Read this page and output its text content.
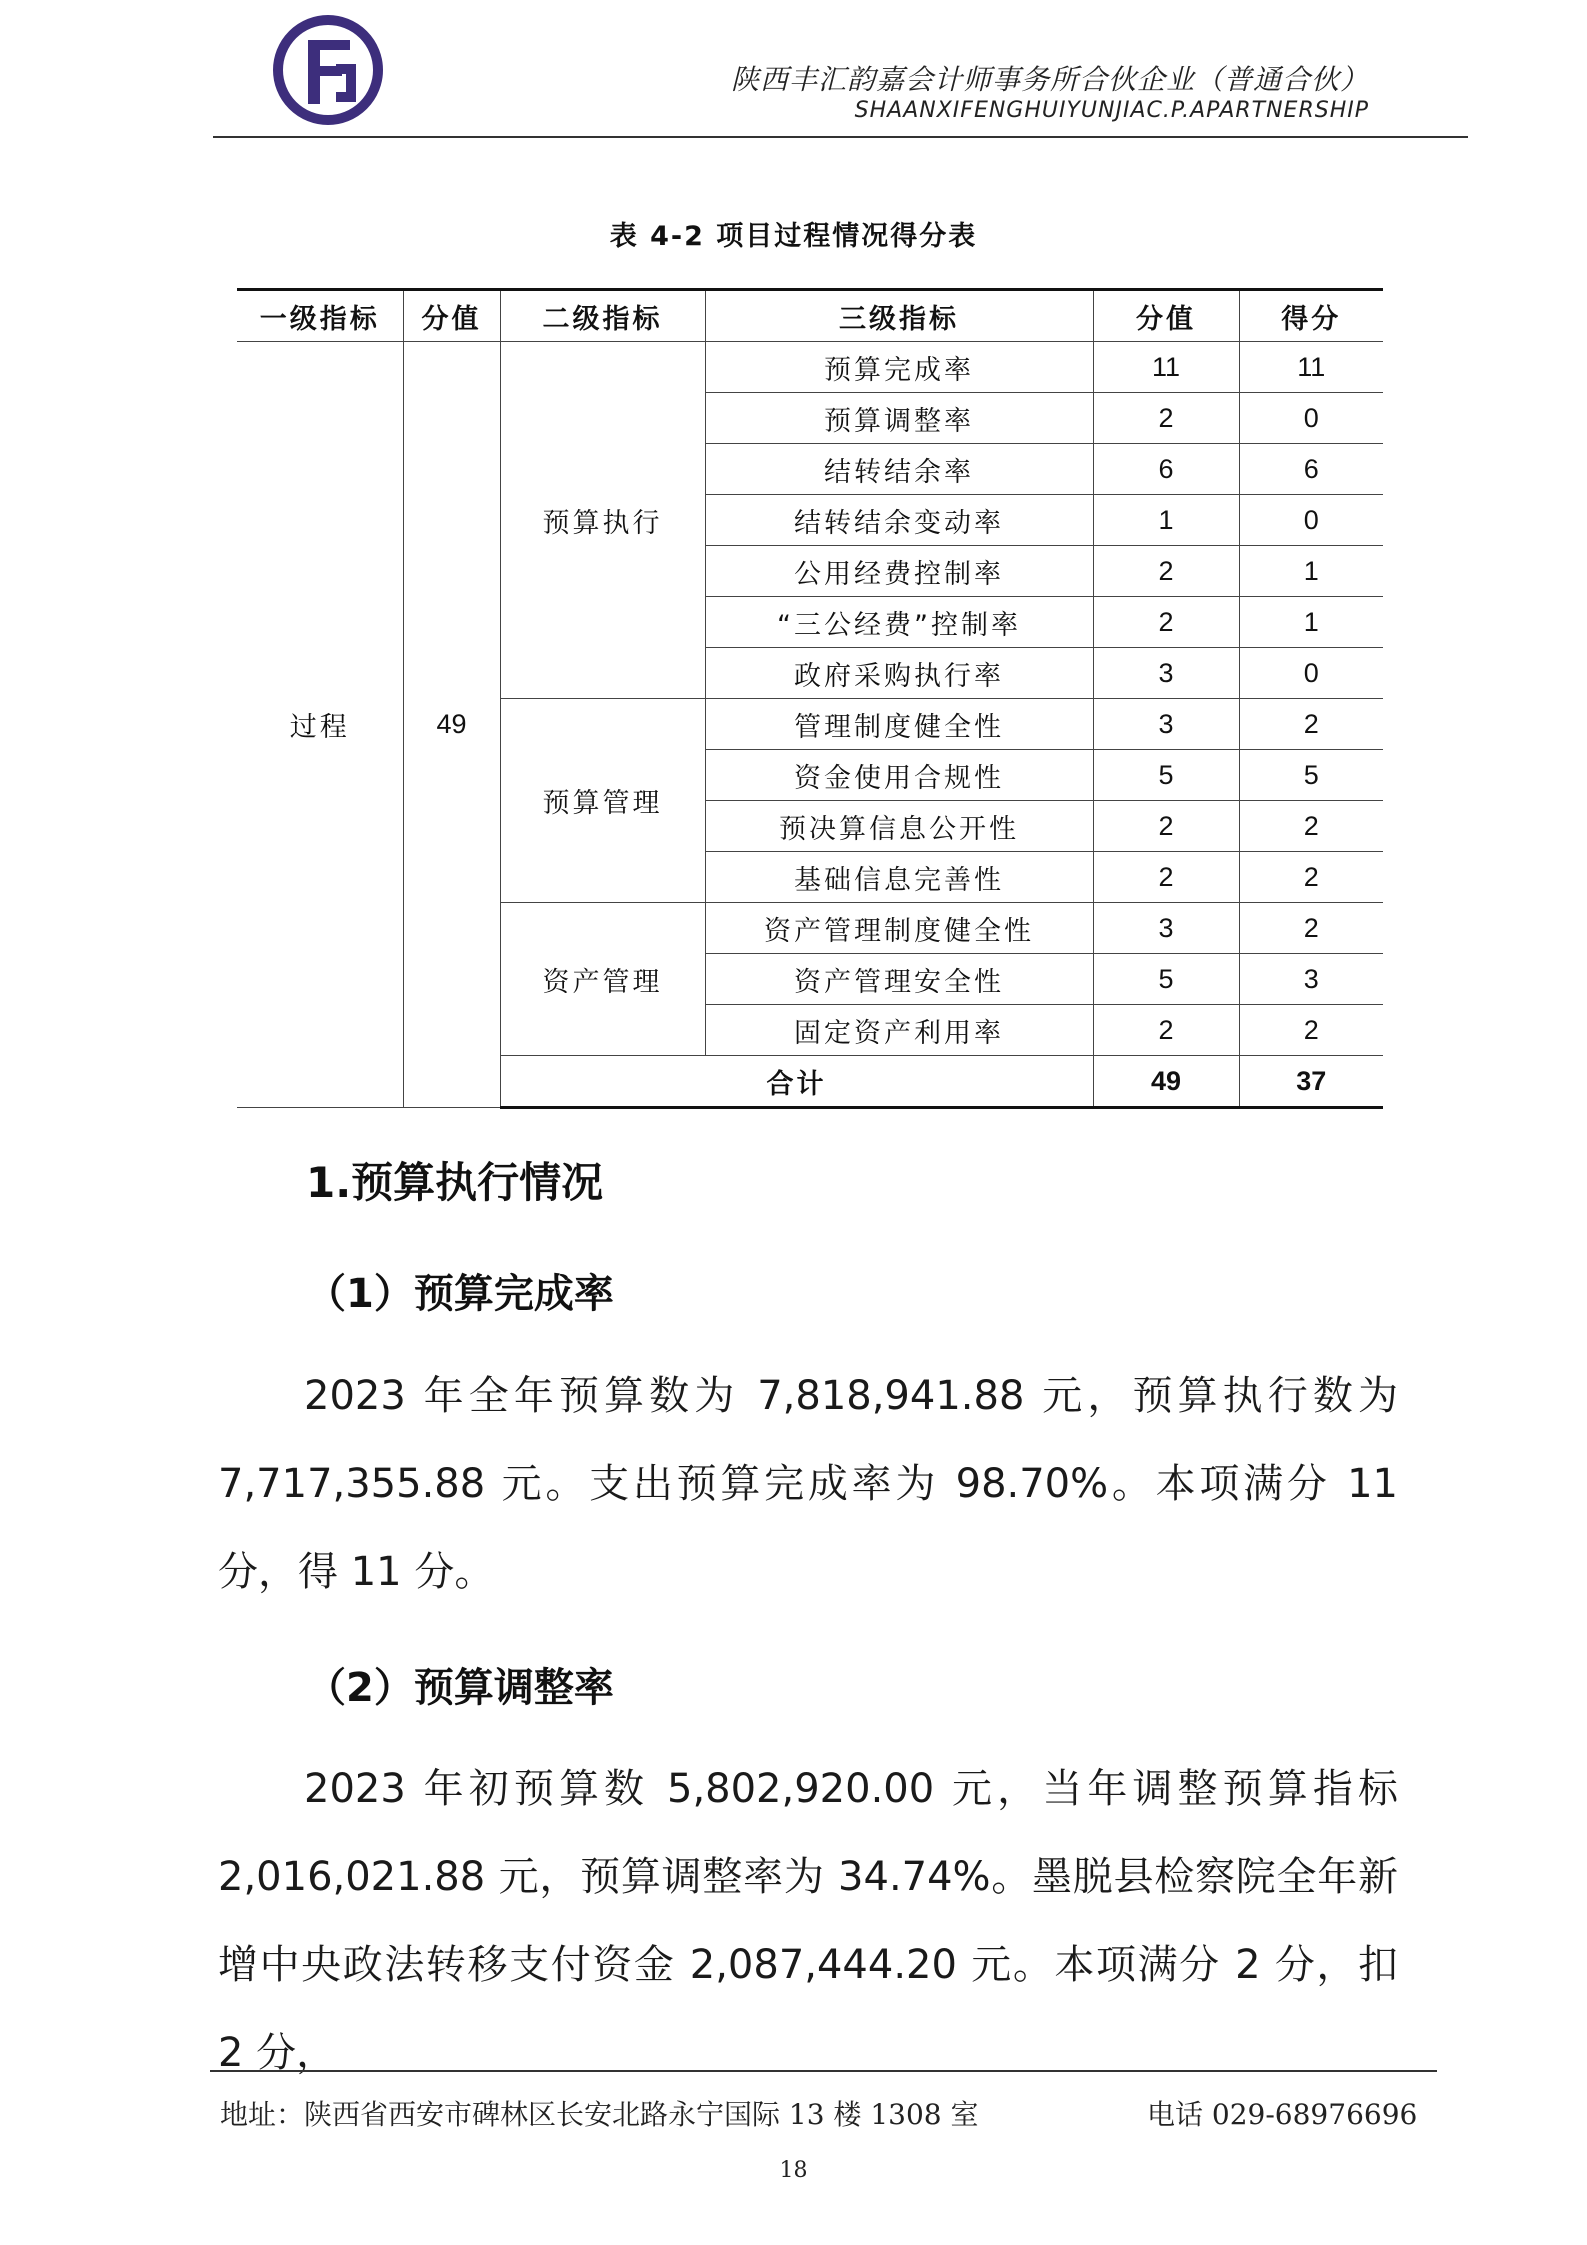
陕西丰汇韵嘉会计师事务所合伙企业（普通合伙）
SHAANXIFENGHUIYUNJIAC.P.APARTNERSHIP
表 4-2 项目过程情况得分表
一级指标	分值	二级指标	三级指标	分值	得分
过程	49	预算执行	预算完成率	11	11
			预算调整率	2	0
			结转结余率	6	6
			结转结余变动率	1	0
			公用经费控制率	2	1
			“三公经费”控制率	2	1
			政府采购执行率	3	0
		预算管理	管理制度健全性	3	2
			资金使用合规性	5	5
			预决算信息公开性	2	2
			基础信息完善性	2	2
		资产管理	资产管理制度健全性	3	2
			资产管理安全性	5	3
			固定资产利用率	2	2
		合计		49	37
1.预算执行情况
（1）预算完成率
2023 年全年预算数为 7,818,941.88 元，预算执行数为 7,717,355.88 元。支出预算完成率为 98.70%。本项满分 11 分，得 11 分。
（2）预算调整率
2023 年初预算数 5,802,920.00 元，当年调整预算指标 2,016,021.88 元，预算调整率为 34.74%。墨脱县检察院全年新增中央政法转移支付资金 2,087,444.20 元。本项满分 2 分，扣 2 分，
地址：陕西省西安市碑林区长安北路永宁国际 13 楼 1308 室	电话 029-68976696
18
